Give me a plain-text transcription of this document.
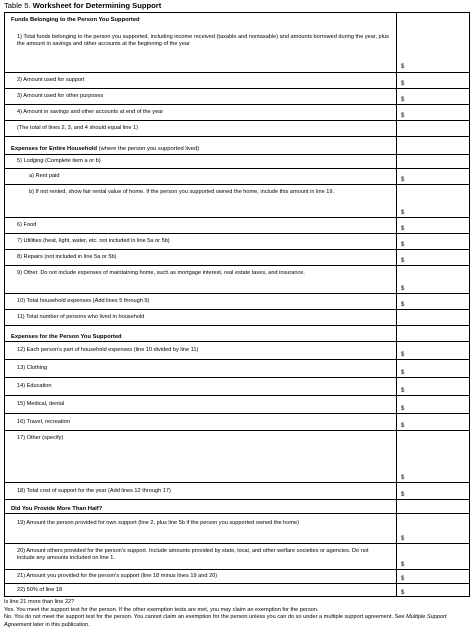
Table 5. Worksheet for Determining Support
Funds Belonging to the Person You Supported
1) Total funds belonging to the person you supported, including income received (taxable and nontaxable) and amounts borrowed during the year, plus the amount in savings and other accounts at the beginning of the year
$
2) Amount used for support
$
3) Amount used for other purposes
$
4) Amount in savings and other accounts at end of the year
$
(The total of lines 2, 3, and 4 should equal line 1)
Expenses for Entire Household (where the person you supported lived)
5) Lodging (Complete item a or b)
a) Rent paid
$
b) If not rented, show fair rental value of home. If the person you supported owned the home, include this amount in line 19.
$
6) Food
$
7) Utilities (heat, light, water, etc. not included in line 5a or 5b)
$
8) Repairs (not included in line 5a or 5b)
$
9) Other. Do not include expenses of maintaining home, such as mortgage interest, real estate taxes, and insurance.
$
10) Total household expenses (Add lines 5 through 9)
$
11) Total number of persons who lived in household
Expenses for the Person You Supported
12) Each person's part of household expenses (line 10 divided by line 11)
$
13) Clothing
$
14) Education
$
15) Medical, dental
$
16) Travel, recreation
$
17) Other (specify)
$
18) Total cost of support for the year (Add lines 12 through 17)
$
Did You Provide More Than Half?
19) Amount the person provided for own support (line 2, plus line 5b if the person you supported owned the home)
$
20) Amount others provided for the person's support. Include amounts provided by state, local, and other welfare societies or agencies. Do not include any amounts included on line 1.
$
21) Amount you provided for the person's support (line 18 minus lines 19 and 20)	$
22) 50% of line 18	$

Is line 21 more than line 22?

Yes. You meet the support test for the person. If the other exemption tests are met, you may claim an exemption for the person.

No. You do not meet the support test for the person. You cannot claim an exemption for the person unless you can do so under a multiple support agreement. See Multiple Support Agreement later in this publication.
